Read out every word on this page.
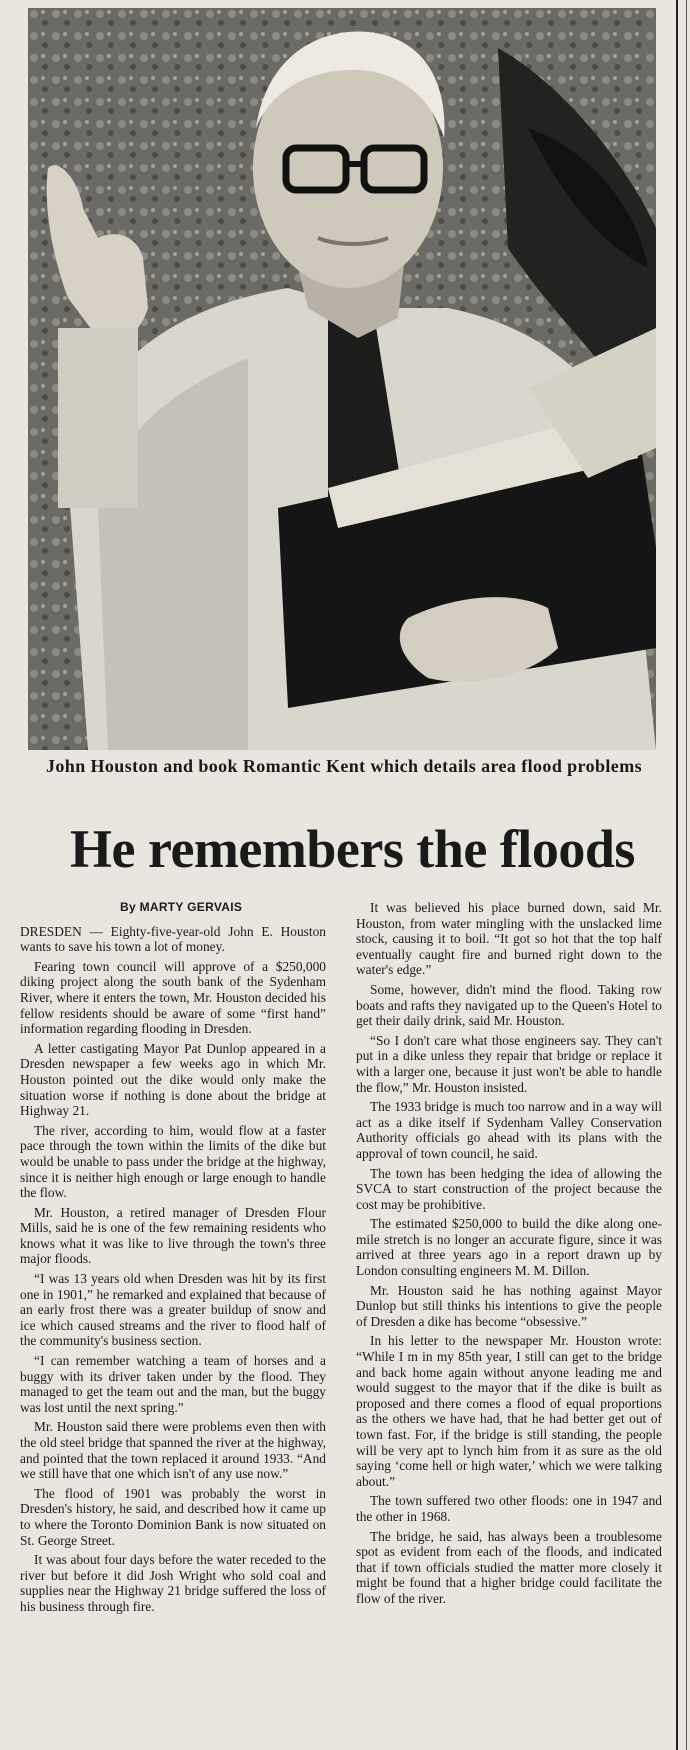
John Houston and book Romantic Kent which details area flood problems
He remembers the floods
By MARTY GERVAIS

DRESDEN — Eighty-five-year-old John E. Houston wants to save his town a lot of money.

Fearing town council will approve of a $250,000 diking project along the south bank of the Sydenham River, where it enters the town, Mr. Houston decided his fellow residents should be aware of some “first hand” information regarding flooding in Dresden.

A letter castigating Mayor Pat Dunlop appeared in a Dresden newspaper a few weeks ago in which Mr. Houston pointed out the dike would only make the situation worse if nothing is done about the bridge at Highway 21.

The river, according to him, would flow at a faster pace through the town within the limits of the dike but would be unable to pass under the bridge at the highway, since it is neither high enough or large enough to handle the flow.

Mr. Houston, a retired manager of Dresden Flour Mills, said he is one of the few remaining residents who knows what it was like to live through the town's three major floods.

“I was 13 years old when Dresden was hit by its first one in 1901,” he remarked and explained that because of an early frost there was a greater buildup of snow and ice which caused streams and the river to flood half of the community's business section.

“I can remember watching a team of horses and a buggy with its driver taken under by the flood. They managed to get the team out and the man, but the buggy was lost until the next spring.”

Mr. Houston said there were problems even then with the old steel bridge that spanned the river at the highway, and pointed that the town replaced it around 1933. “And we still have that one which isn't of any use now.”

The flood of 1901 was probably the worst in Dresden's history, he said, and described how it came up to where the Toronto Dominion Bank is now situated on St. George Street.

It was about four days before the water receded to the river but before it did Josh Wright who sold coal and supplies near the Highway 21 bridge suffered the loss of his business through fire.

It was believed his place burned down, said Mr. Houston, from water mingling with the unslacked lime stock, causing it to boil. “It got so hot that the top half eventually caught fire and burned right down to the water's edge.”

Some, however, didn't mind the flood. Taking row boats and rafts they navigated up to the Queen's Hotel to get their daily drink, said Mr. Houston.

“So I don't care what those engineers say. They can't put in a dike unless they repair that bridge or replace it with a larger one, because it just won't be able to handle the flow,” Mr. Houston insisted.

The 1933 bridge is much too narrow and in a way will act as a dike itself if Sydenham Valley Conservation Authority officials go ahead with its plans with the approval of town council, he said.

The town has been hedging the idea of allowing the SVCA to start construction of the project because the cost may be prohibitive.

The estimated $250,000 to build the dike along one-mile stretch is no longer an accurate figure, since it was arrived at three years ago in a report drawn up by London consulting engineers M. M. Dillon.

Mr. Houston said he has nothing against Mayor Dunlop but still thinks his intentions to give the people of Dresden a dike has become “obsessive.”

In his letter to the newspaper Mr. Houston wrote: “While I m in my 85th year, I still can get to the bridge and back home again without anyone leading me and would suggest to the mayor that if the dike is built as proposed and there comes a flood of equal proportions as the others we have had, that he had better get out of town fast. For, if the bridge is still standing, the people will be very apt to lynch him from it as sure as the old saying ‘come hell or high water,’ which we were talking about.”

The town suffered two other floods: one in 1947 and the other in 1968.

The bridge, he said, has always been a troublesome spot as evident from each of the floods, and indicated that if town officials studied the matter more closely it might be found that a higher bridge could facilitate the flow of the river.
